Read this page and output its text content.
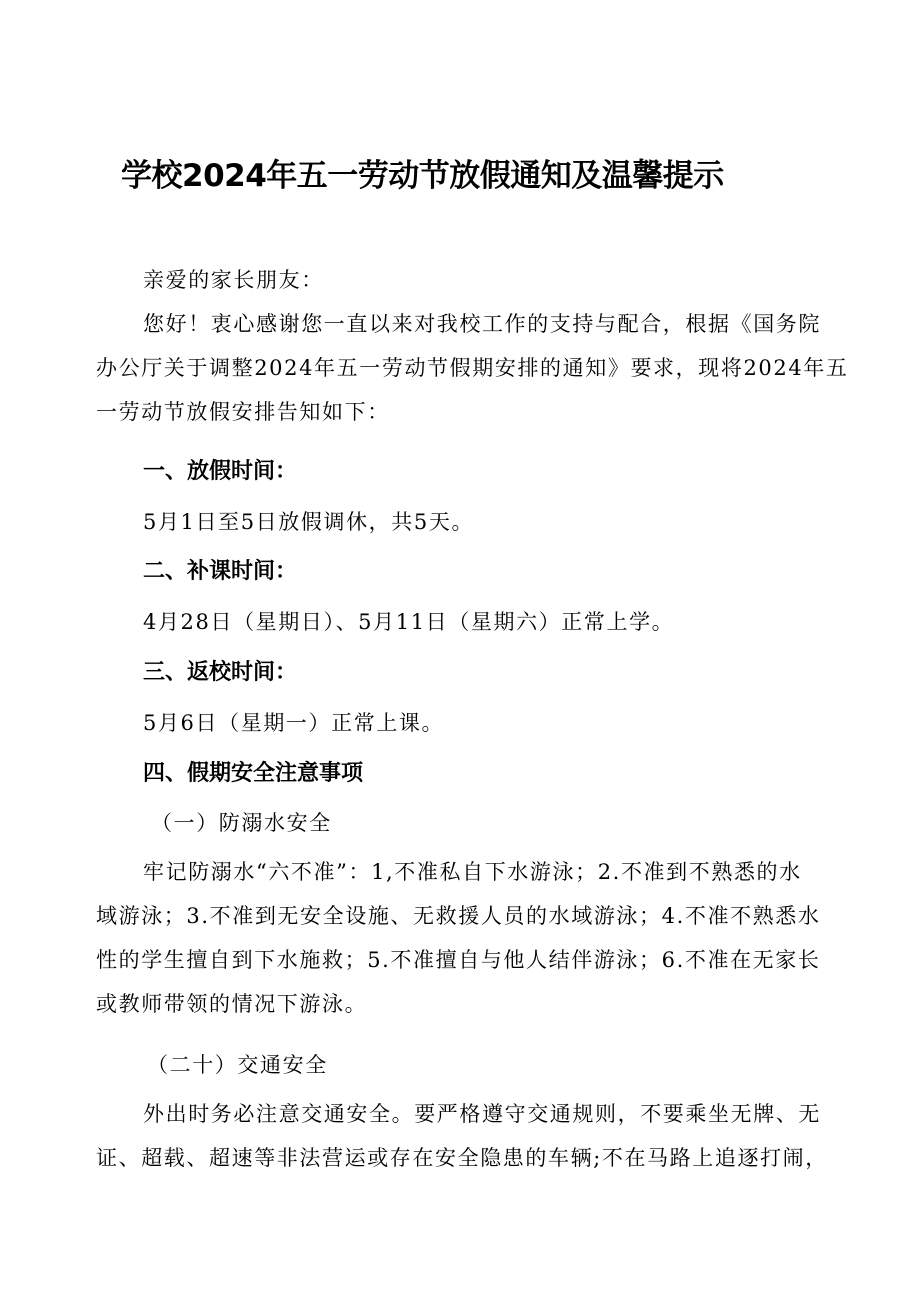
学校2024年五一劳动节放假通知及温馨提示
亲爱的家长朋友：
您好！衷心感谢您一直以来对我校工作的支持与配合，根据《国务院
办公厅关于调整2024年五一劳动节假期安排的通知》要求，现将2024年五
一劳动节放假安排告知如下：
一、放假时间：
5月1日至5日放假调休，共5天。
二、补课时间：
4月28日（星期日）、5月11日（星期六）正常上学。
三、返校时间：
5月6日（星期一）正常上课。
四、假期安全注意事项
（一）防溺水安全
牢记防溺水“六不准”：1,不准私自下水游泳；2.不准到不熟悉的水
域游泳；3.不准到无安全设施、无救援人员的水域游泳；4.不准不熟悉水
性的学生擅自到下水施救；5.不准擅自与他人结伴游泳；6.不准在无家长
或教师带领的情况下游泳。
（二十）交通安全
外出时务必注意交通安全。要严格遵守交通规则，不要乘坐无牌、无
证、超载、超速等非法营运或存在安全隐患的车辆;不在马路上追逐打闹，
